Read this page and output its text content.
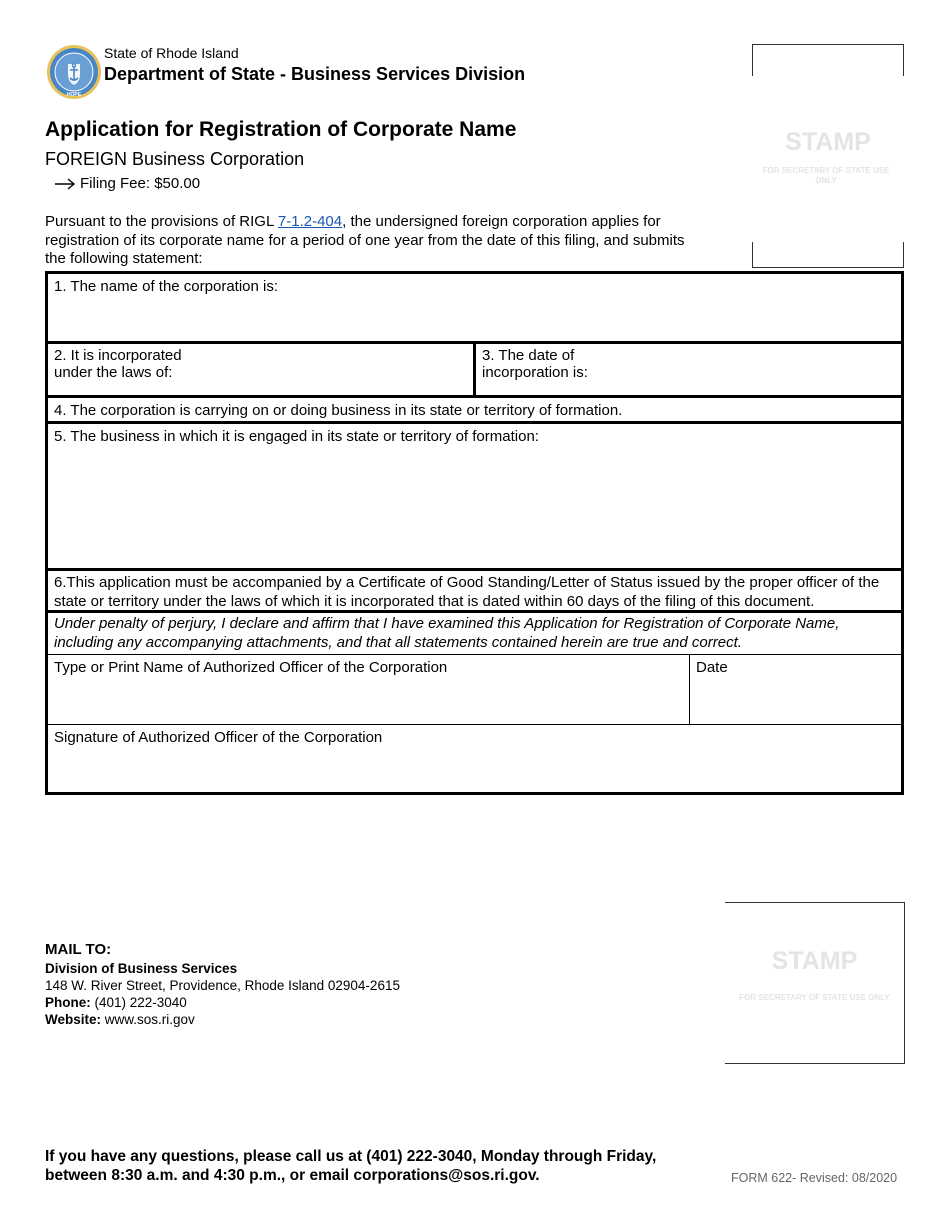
HOPE
State of Rhode Island
Department of State - Business Services Division
Application for Registration of Corporate Name
FOREIGN Business Corporation
Filing Fee: $50.00
Pursuant to the provisions of RIGL 7-1.2-404, the undersigned foreign corporation applies for registration of its corporate name for a period of one year from the date of this filing, and submits the following statement:
STAMP
FOR SECRETARY OF STATE USE ONLY
1. The name of the corporation is:
2. It is incorporated
under the laws of:
3. The date of
incorporation is:
4. The corporation is carrying on or doing business in its state or territory of formation.
5. The business in which it is engaged in its state or territory of formation:
6.This application must be accompanied by a Certificate of Good Standing/Letter of Status issued by the proper officer of the state or territory under the laws of which it is incorporated that is dated within 60 days of the filing of this document.
Under penalty of perjury, I declare and affirm that I have examined this Application for Registration of Corporate Name, including any accompanying attachments, and that all statements contained herein are true and correct.
Type or Print Name of Authorized Officer of the Corporation	Date
Signature of Authorized Officer of the Corporation
MAIL TO:
Division of Business Services
148 W. River Street, Providence, Rhode Island 02904-2615
Phone: (401) 222-3040
Website: www.sos.ri.gov
STAMP
FOR SECRETARY OF STATE USE ONLY
If you have any questions, please call us at (401) 222-3040, Monday through Friday, between 8:30 a.m. and 4:30 p.m., or email corporations@sos.ri.gov.	FORM 622- Revised: 08/2020
